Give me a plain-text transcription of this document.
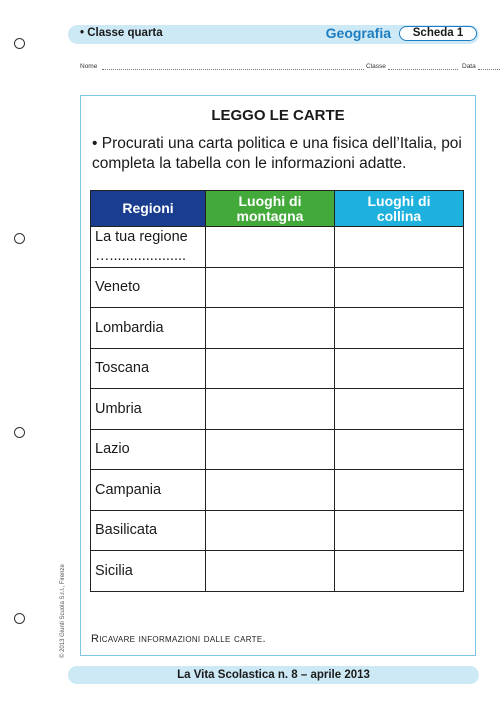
• Classe quarta	Geografia	Scheda 1
Nome	Classe	Data
LEGGO LE CARTE
• Procurati una carta politica e una fisica dell’Italia, poi completa la tabella con le informazioni adatte.
Regioni	Luoghi di montagna	Luoghi di collina

La tua regione
…...................		

Veneto		
Lombardia		
Toscana		
Umbria		
Lazio		
Campania		
Basilicata		
Sicilia		
Ricavare informazioni dalle carte.
© 2013 Giunti Scuola S.r.l., Firenze
La Vita Scolastica n. 8 – aprile 2013
